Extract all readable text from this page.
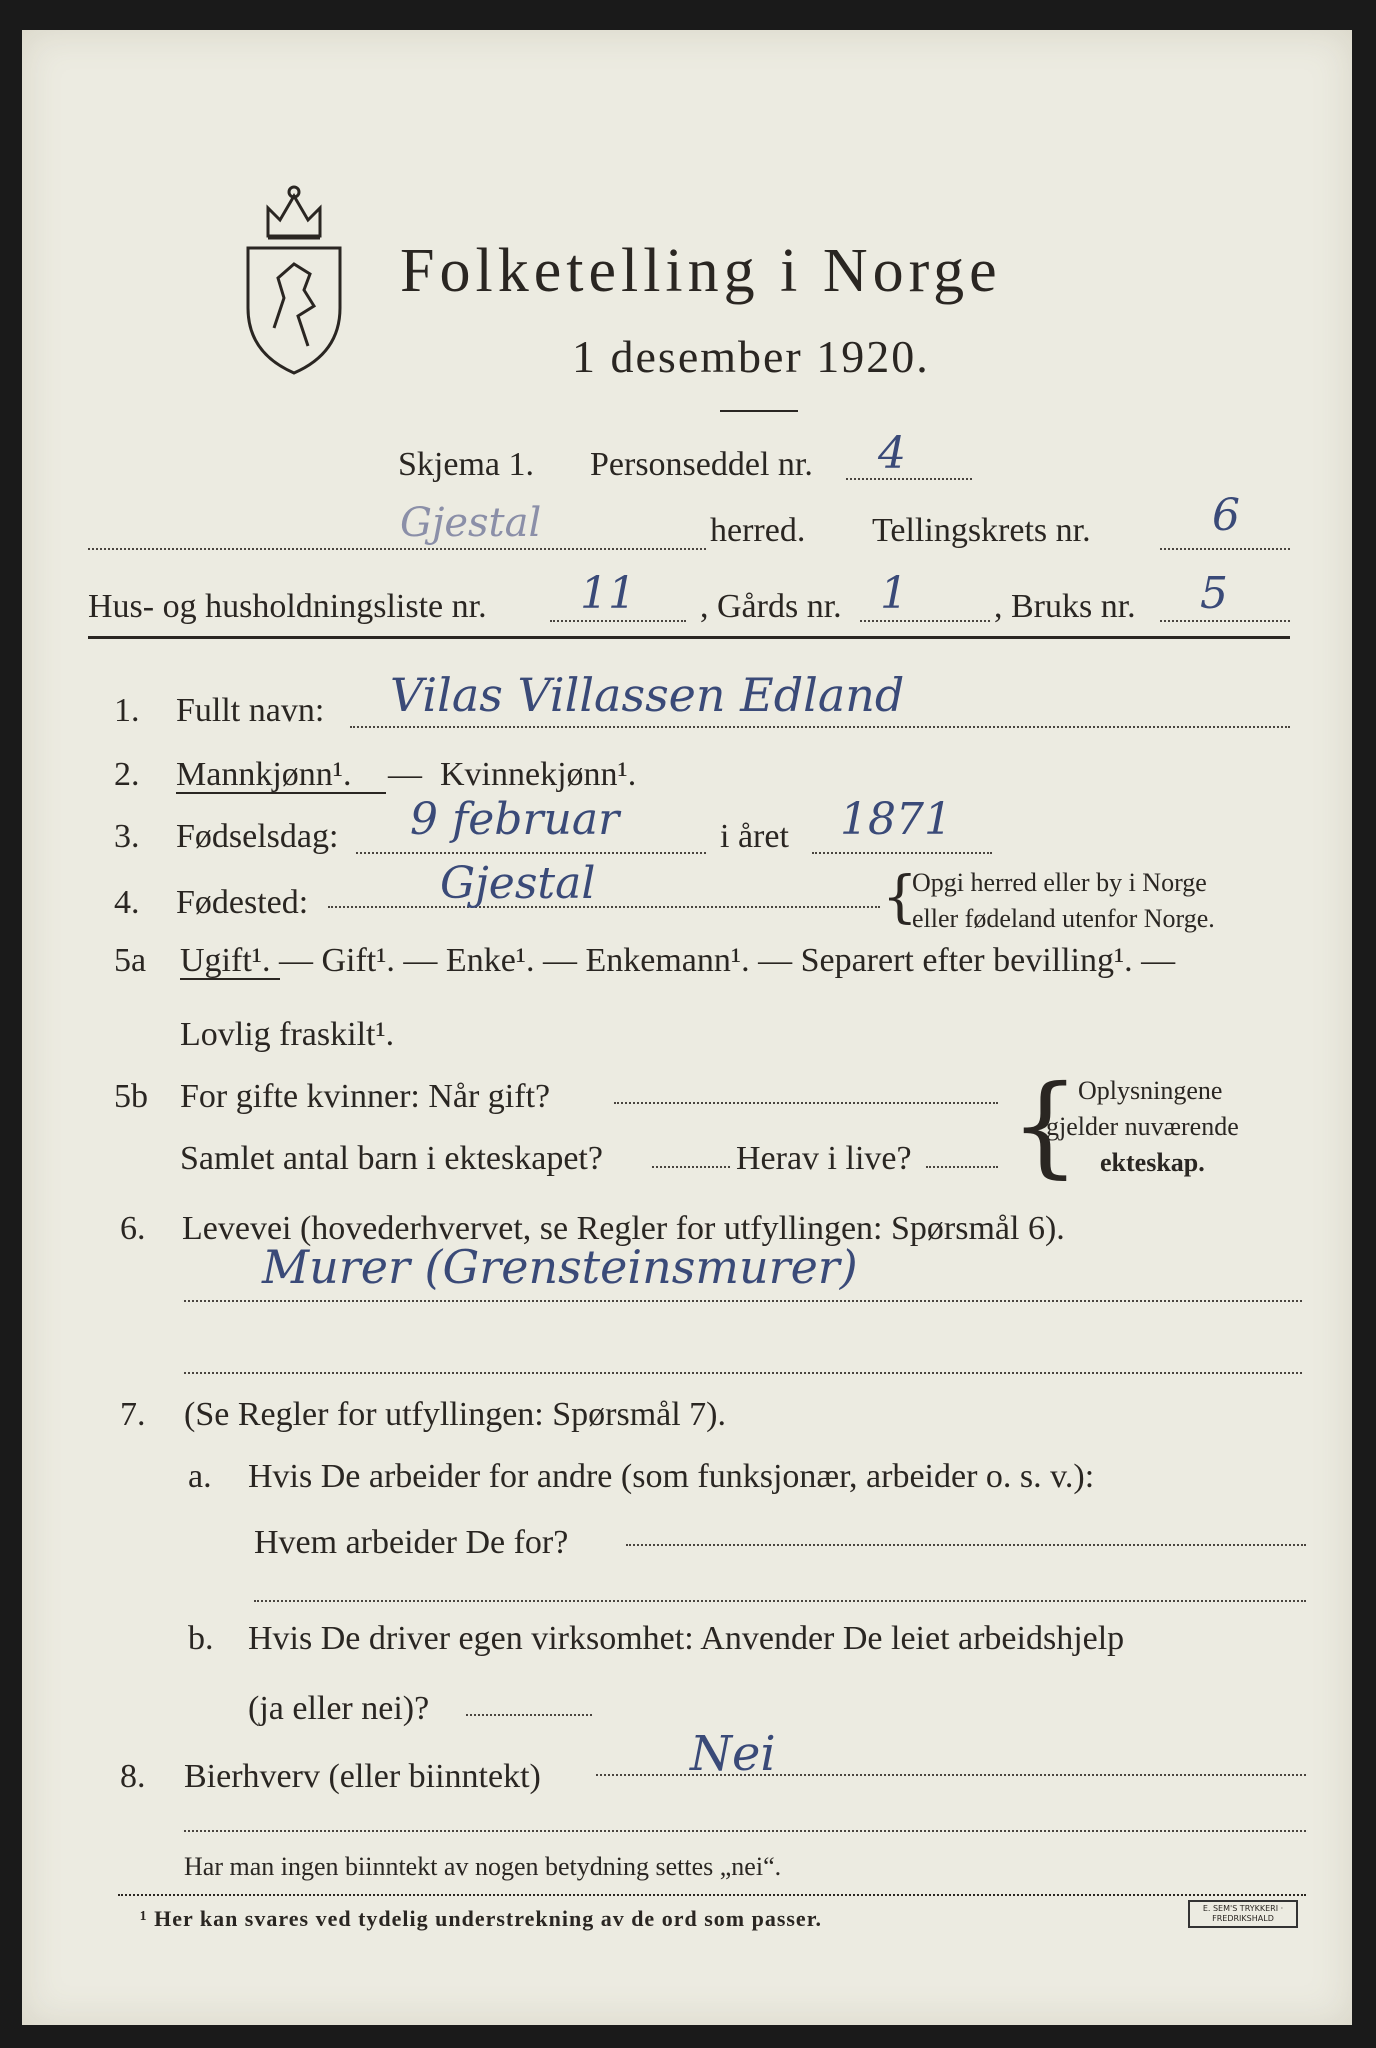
Folketelling i Norge
1 desember 1920.
Skjema 1. Personseddel nr. 4
Gjestal	herred. Tellingskrets nr.	6
Hus- og husholdningsliste nr. 11 , Gårds nr. 1	, Bruks nr. 5
1. Fullt navn: Vilas Villassen Edland
2. Mannkjønn¹. — Kvinnekjønn¹.
3. Fødselsdag: 9 februar	i året 1871
4. Fødested:	Gjestal	{
Opgi herred eller by i Norge
eller fødeland utenfor Norge.
5a Ugift¹. — Gift¹. — Enke¹. — Enkemann¹. — Separert efter bevilling¹. —
Lovlig fraskilt¹.
5b For gifte kvinner: Når gift?
Samlet antal barn i ekteskapet?	Herav i live? {
Oplysningene
gjelder nuværende
ekteskap.
6. Levevei (hovederhvervet, se Regler for utfyllingen: Spørsmål 6).
Murer (Grensteinsmurer)
7. (Se Regler for utfyllingen: Spørsmål 7).
a. Hvis De arbeider for andre (som funksjonær, arbeider o. s. v.):
Hvem arbeider De for?
b. Hvis De driver egen virksomhet: Anvender De leiet arbeidshjelp
(ja eller nei)?
8. Bierhverv (eller biinntekt)	Nei
Har man ingen biinntekt av nogen betydning settes „nei“.
¹ Her kan svares ved tydelig understrekning av de ord som passer.	E. SEM'S TRYKKERI · FREDRIKSHALD
